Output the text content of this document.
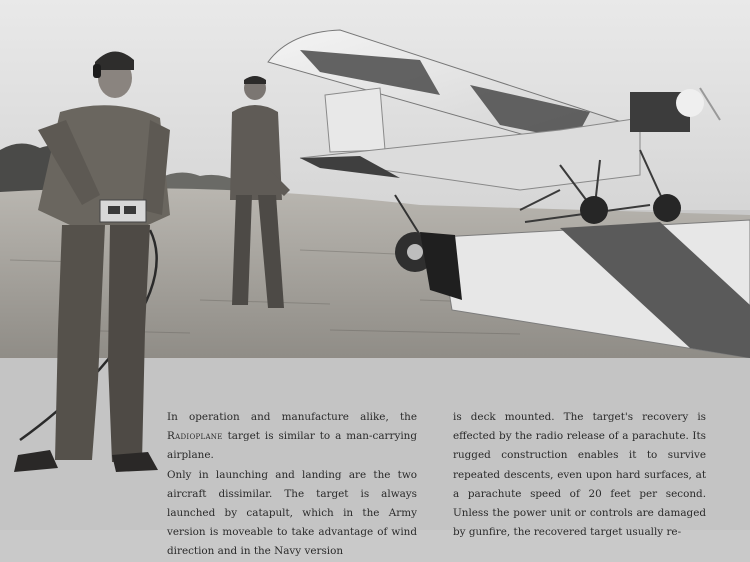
In operation and manufacture alike, the Radioplane target is similar to a man-carrying airplane.

Only in launching and landing are the two aircraft dissimilar. The target is always launched by catapult, which in the Army version is moveable to take advantage of wind direction and in the Navy version

is deck mounted. The target's recovery is effected by the radio release of a parachute. Its rugged construction enables it to survive repeated descents, even upon hard surfaces, at a parachute speed of 20 feet per second. Unless the power unit or controls are damaged by gunfire, the recovered target usually re-
